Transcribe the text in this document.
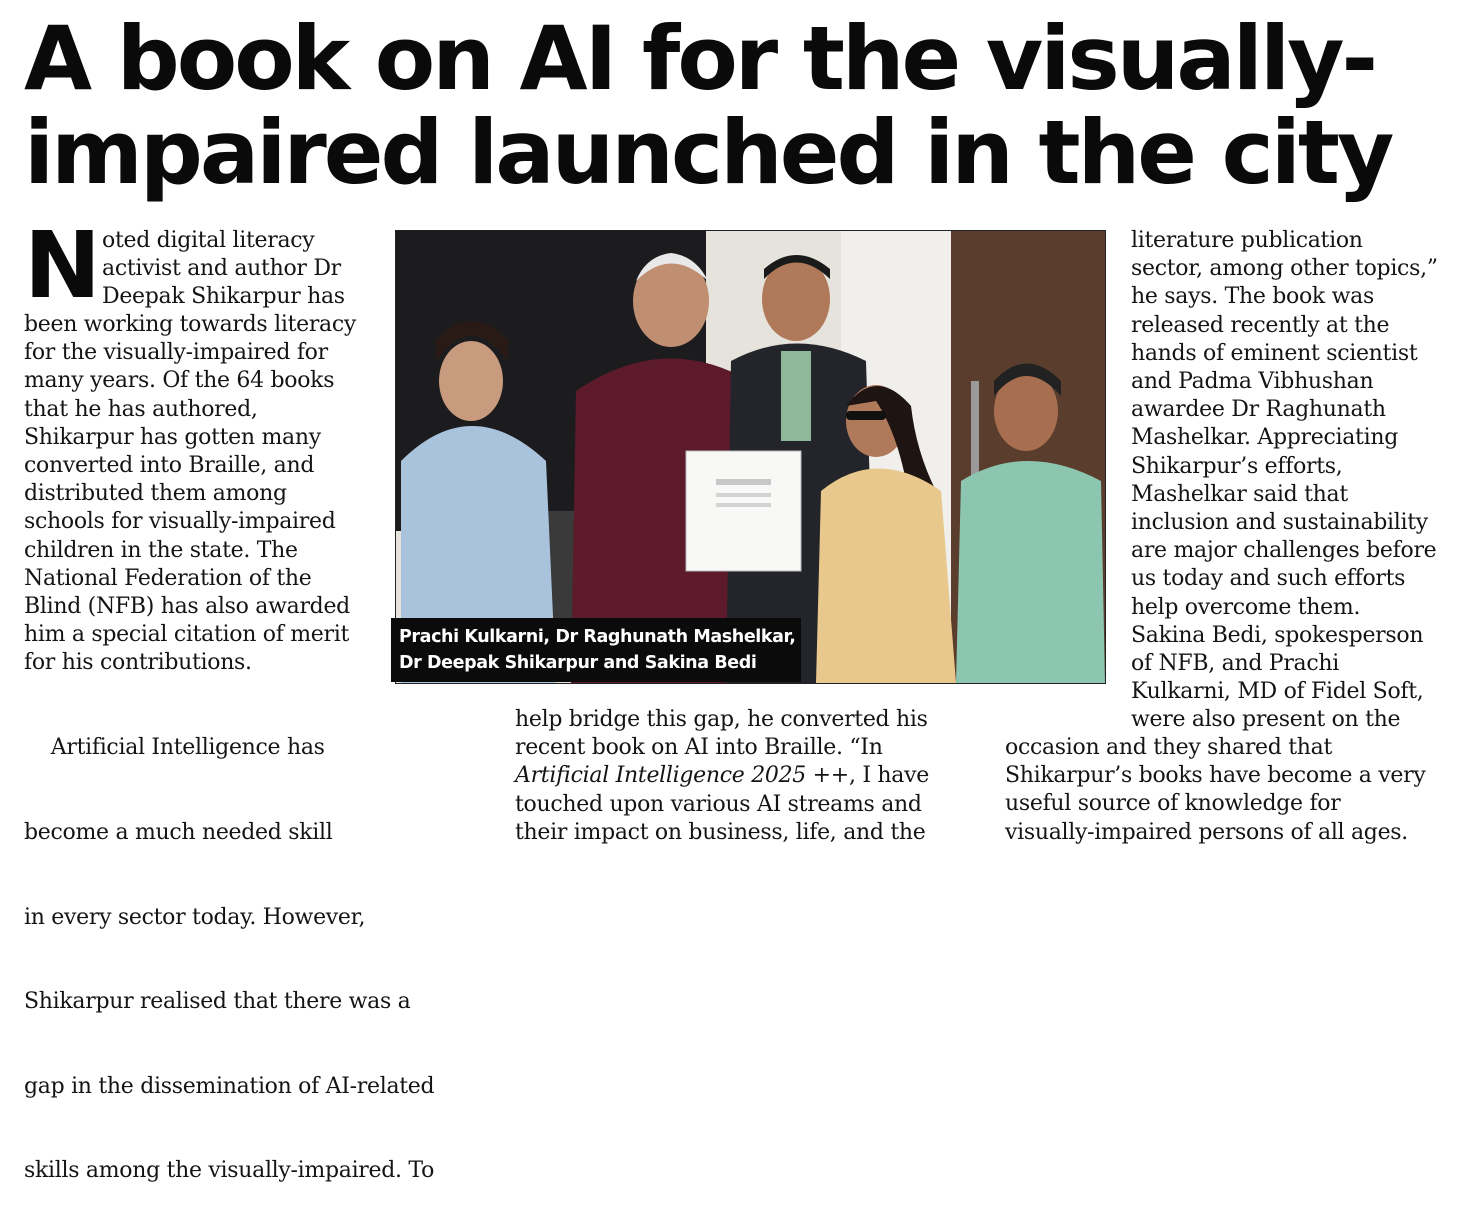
A book on AI for the visually-
impaired launched in the city
N oted digital literacy
activist and author Dr
Deepak Shikarpur has
been working towards literacy
for the visually-impaired for
many years. Of the 64 books
that he has authored,
Shikarpur has gotten many
converted into Braille, and
distributed them among
schools for visually-impaired
children in the state. The
National Federation of the
Blind (NFB) has also awarded
him a special citation of merit
for his contributions.

Artificial Intelligence has

become a much needed skill

in every sector today. However,

Shikarpur realised that there was a

gap in the dissemination of AI-related

skills among the visually-impaired. To

Prachi Kulkarni, Dr Raghunath Mashelkar,
Dr Deepak Shikarpur and Sakina Bedi
help bridge this gap, he converted his
recent book on AI into Braille. “In
Artificial Intelligence 2025 ++, I have
touched upon various AI streams and
their impact on business, life, and the
literature publication
sector, among other topics,”
he says. The book was
released recently at the
hands of eminent scientist
and Padma Vibhushan
awardee Dr Raghunath
Mashelkar. Appreciating
Shikarpur’s efforts,
Mashelkar said that
inclusion and sustainability
are major challenges before
us today and such efforts
help overcome them.
Sakina Bedi, spokesperson
of NFB, and Prachi
Kulkarni, MD of Fidel Soft,
were also present on the
occasion and they shared that
Shikarpur’s books have become a very
useful source of knowledge for
visually-impaired persons of all ages.
